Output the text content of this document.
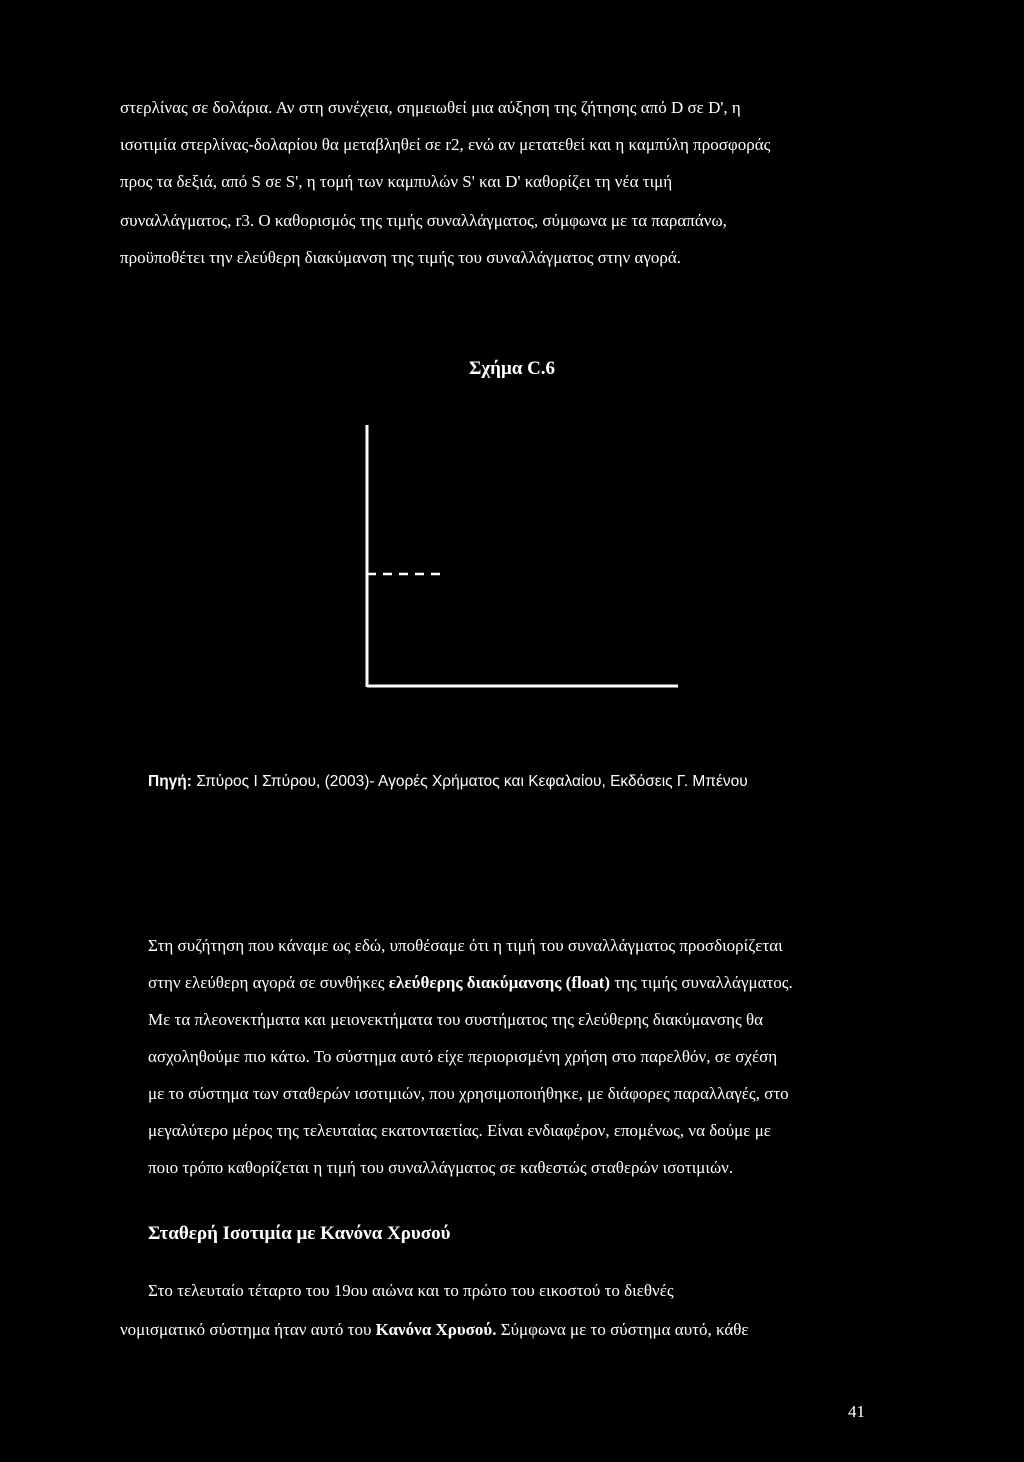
στερλίνας σε δολάρια. Αν στη συνέχεια, σημειωθεί μια αύξηση της ζήτησης από D σε D', η
ισοτιμία στερλίνας-δολαρίου θα μεταβληθεί σε r2, ενώ αν μετατεθεί και η καμπύλη προσφοράς
προς τα δεξιά, από S σε S', η τομή των καμπυλών S' και D' καθορίζει τη νέα τιμή
συναλλάγματος, r3. Ο καθορισμός της τιμής συναλλάγματος, σύμφωνα με τα παραπάνω,
προϋποθέτει την ελεύθερη διακύμανση της τιμής του συναλλάγματος στην αγορά.
Σχήμα C.6
Πηγή: Σπύρος Ι Σπύρου, (2003)- Αγορές Χρήματος και Κεφαλαίου, Εκδόσεις Γ. Μπένου
Στη συζήτηση που κάναμε ως εδώ, υποθέσαμε ότι η τιμή του συναλλάγματος προσδιορίζεται
στην ελεύθερη αγορά σε συνθήκες ελεύθερης διακύμανσης (float) της τιμής συναλλάγματος.
Με τα πλεονεκτήματα και μειονεκτήματα του συστήματος της ελεύθερης διακύμανσης θα
ασχοληθούμε πιο κάτω. Το σύστημα αυτό είχε περιορισμένη χρήση στο παρελθόν, σε σχέση
με το σύστημα των σταθερών ισοτιμιών, που χρησιμοποιήθηκε, με διάφορες παραλλαγές, στο
μεγαλύτερο μέρος της τελευταίας εκατονταετίας. Είναι ενδιαφέρον, επομένως, να δούμε με
ποιο τρόπο καθορίζεται η τιμή του συναλλάγματος σε καθεστώς σταθερών ισοτιμιών.
Σταθερή Ισοτιμία με Κανόνα Χρυσού
Στο τελευταίο τέταρτο του 19ου αιώνα και το πρώτο του εικοστού το διεθνές
νομισματικό σύστημα ήταν αυτό του Κανόνα Χρυσού. Σύμφωνα με το σύστημα αυτό, κάθε
41
